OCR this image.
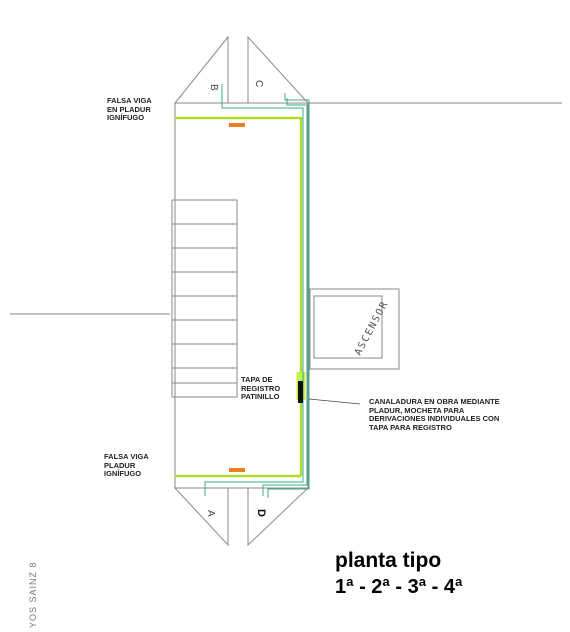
B
C
A	D
ASCENSOR
FALSA VIGA
EN PLADUR
IGNÍFUGO
FALSA VIGA
PLADUR
IGNÍFUGO
TAPA DE
REGISTRO
PATINILLO
CANALADURA EN OBRA MEDIANTE
PLADUR, MOCHETA PARA
DERIVACIONES INDIVIDUALES CON
TAPA PARA REGISTRO
planta tipo
1ª - 2ª - 3ª - 4ª
YOS SAINZ 8
